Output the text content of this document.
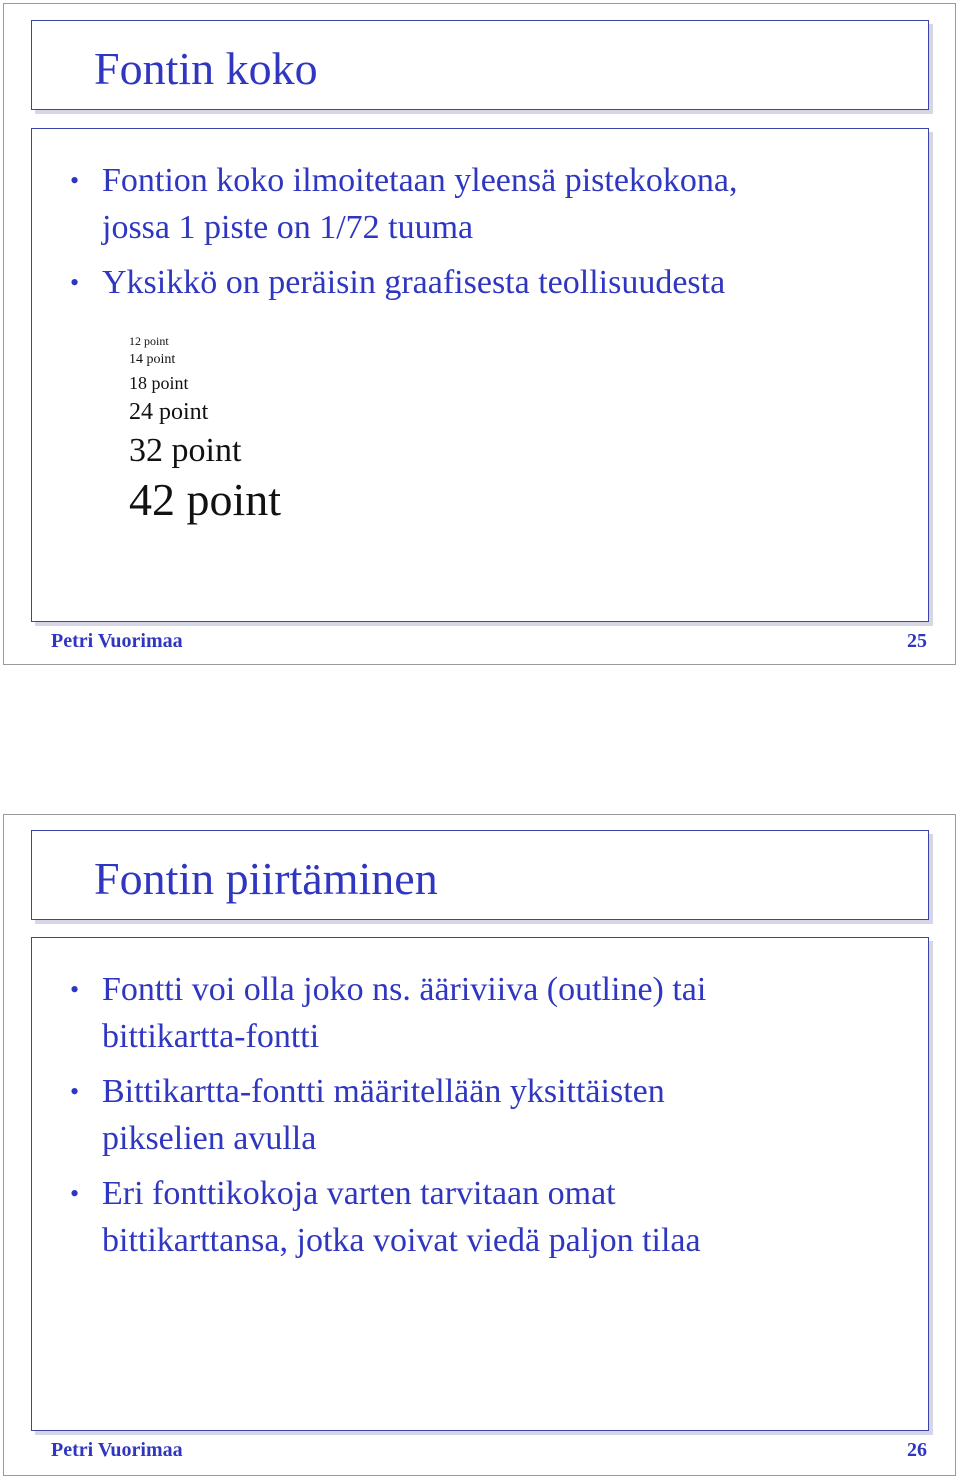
Fontin koko
• Fontion koko ilmoitetaan yleensä pistekokona,
jossa 1 piste on 1/72 tuuma
• Yksikkö on peräisin graafisesta teollisuudesta
12 point
14 point
18 point
24 point
32 point
42 point
Petri Vuorimaa	25
Fontin piirtäminen
• Fontti voi olla joko ns. ääriviiva (outline) tai
bittikartta-fontti
• Bittikartta-fontti määritellään yksittäisten
pikselien avulla
• Eri fonttikokoja varten tarvitaan omat
bittikarttansa, jotka voivat viedä paljon tilaa
Petri Vuorimaa	26
